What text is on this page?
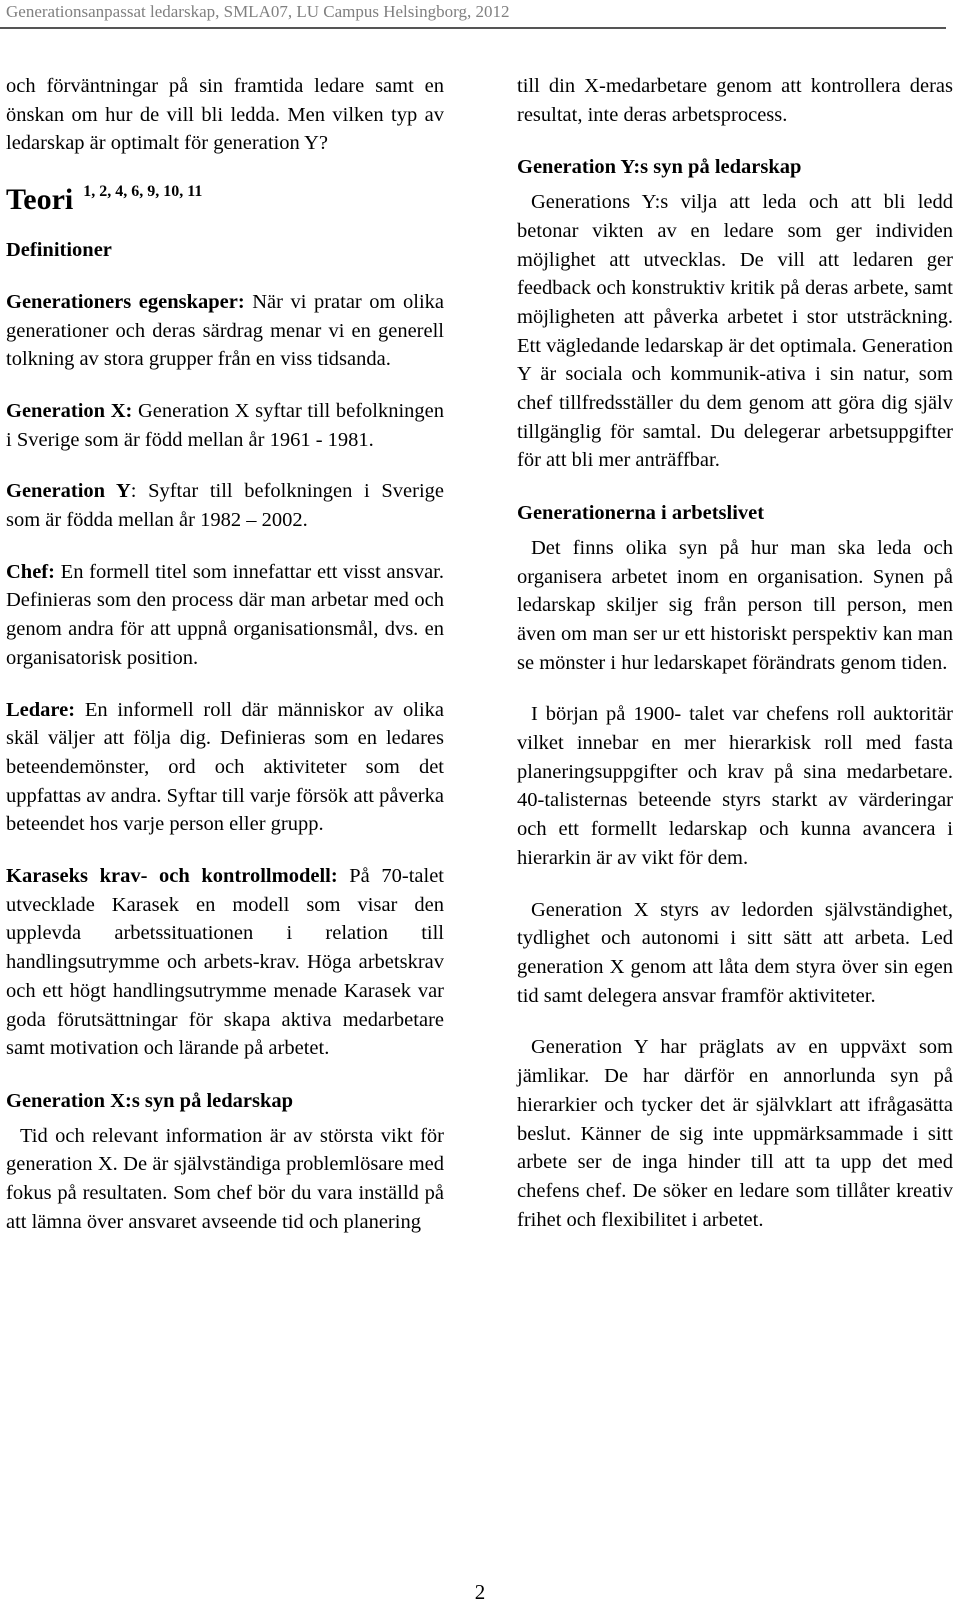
Generationsanpassat ledarskap, SMLA07, LU Campus Helsingborg, 2012

och förväntningar på sin framtida ledare samt en önskan om hur de vill bli ledda. Men vilken typ av ledarskap är optimalt för generation Y?

Teori $^{1, 2, 4, 6, 9, 10, 11}$

Definitioner

Generationers egenskaper: När vi pratar om olika generationer och deras särdrag menar vi en generell tolkning av stora grupper från en viss tidsanda.

Generation X: Generation X syftar till befolkningen i Sverige som är född mellan år 1961 - 1981.

Generation Y: Syftar till befolkningen i Sverige som är födda mellan år 1982 – 2002.

Chef: En formell titel som innefattar ett visst ansvar. Definieras som den process där man arbetar med och genom andra för att uppnå organisationsmål, dvs. en organisatorisk position.

Ledare: En informell roll där människor av olika skäl väljer att följa dig. Definieras som en ledares beteendemönster, ord och aktiviteter som det uppfattas av andra. Syftar till varje försök att påverka beteendet hos varje person eller grupp.

Karaseks krav- och kontrollmodell: På 70-talet utvecklade Karasek en modell som visar den upplevda arbetssituationen i relation till handlingsutrymme och arbets-krav. Höga arbetskrav och ett högt handlingsutrymme menade Karasek var goda förutsättningar för skapa aktiva medarbetare samt motivation och lärande på arbetet.

Generation X:s syn på ledarskap

Tid och relevant information är av största vikt för generation X. De är självständiga problemlösare med fokus på resultaten. Som chef bör du vara inställd på att lämna över ansvaret avseende tid och planering

till din X-medarbetare genom att kontrollera deras resultat, inte deras arbetsprocess.

Generation Y:s syn på ledarskap

Generations Y:s vilja att leda och att bli ledd betonar vikten av en ledare som ger individen möjlighet att utvecklas. De vill att ledaren ger feedback och konstruktiv kritik på deras arbete, samt möjligheten att påverka arbetet i stor utsträckning. Ett vägledande ledarskap är det optimala. Generation Y är sociala och kommunik-ativa i sin natur, som chef tillfredsställer du dem genom att göra dig själv tillgänglig för samtal. Du delegerar arbetsuppgifter för att bli mer anträffbar.

Generationerna i arbetslivet

Det finns olika syn på hur man ska leda och organisera arbetet inom en organisation. Synen på ledarskap skiljer sig från person till person, men även om man ser ur ett historiskt perspektiv kan man se mönster i hur ledarskapet förändrats genom tiden.

I början på 1900- talet var chefens roll auktoritär vilket innebar en mer hierarkisk roll med fasta planeringsuppgifter och krav på sina medarbetare. 40-talisternas beteende styrs starkt av värderingar och ett formellt ledarskap och kunna avancera i hierarkin är av vikt för dem.

Generation X styrs av ledorden självständighet, tydlighet och autonomi i sitt sätt att arbeta. Led generation X genom att låta dem styra över sin egen tid samt delegera ansvar framför aktiviteter.

Generation Y har präglats av en uppväxt som jämlikar. De har därför en annorlunda syn på hierarkier och tycker det är självklart att ifrågasätta beslut. Känner de sig inte uppmärksammade i sitt arbete ser de inga hinder till att ta upp det med chefens chef. De söker en ledare som tillåter kreativ frihet och flexibilitet i arbetet.

2
